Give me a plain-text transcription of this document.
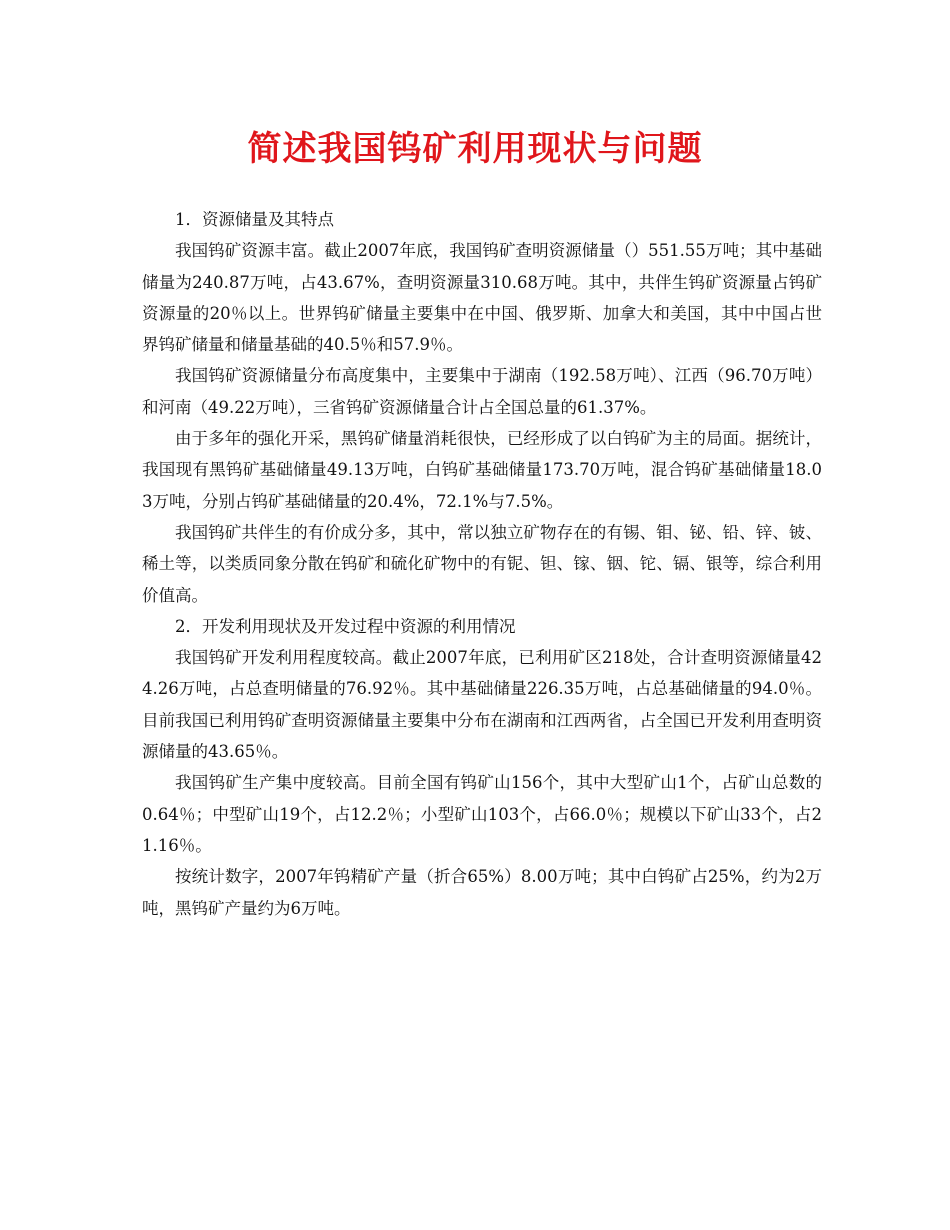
简述我国钨矿利用现状与问题

1．资源储量及其特点

我国钨矿资源丰富。截止2007年底，我国钨矿查明资源储量（）551.55万吨；其中基础储量为240.87万吨，占43.67%，查明资源量310.68万吨。其中，共伴生钨矿资源量占钨矿资源量的20％以上。世界钨矿储量主要集中在中国、俄罗斯、加拿大和美国，其中中国占世界钨矿储量和储量基础的40.5％和57.9％。

我国钨矿资源储量分布高度集中，主要集中于湖南（192.58万吨）、江西（96.70万吨）和河南（49.22万吨），三省钨矿资源储量合计占全国总量的61.37%。

由于多年的强化开采，黑钨矿储量消耗很快，已经形成了以白钨矿为主的局面。据统计，我国现有黑钨矿基础储量49.13万吨，白钨矿基础储量173.70万吨，混合钨矿基础储量18.03万吨，分别占钨矿基础储量的20.4%，72.1%与7.5%。

我国钨矿共伴生的有价成分多，其中，常以独立矿物存在的有锡、钼、铋、铅、锌、铍、稀土等，以类质同象分散在钨矿和硫化矿物中的有铌、钽、镓、铟、铊、镉、银等，综合利用价值高。

2．开发利用现状及开发过程中资源的利用情况

我国钨矿开发利用程度较高。截止2007年底，已利用矿区218处，合计查明资源储量424.26万吨，占总查明储量的76.92％。其中基础储量226.35万吨，占总基础储量的94.0％。目前我国已利用钨矿查明资源储量主要集中分布在湖南和江西两省，占全国已开发利用查明资源储量的43.65％。

我国钨矿生产集中度较高。目前全国有钨矿山156个，其中大型矿山1个，占矿山总数的0.64％；中型矿山19个，占12.2％；小型矿山103个，占66.0％；规模以下矿山33个，占21.16％。

按统计数字，2007年钨精矿产量（折合65%）8.00万吨；其中白钨矿占25%，约为2万吨，黑钨矿产量约为6万吨。
